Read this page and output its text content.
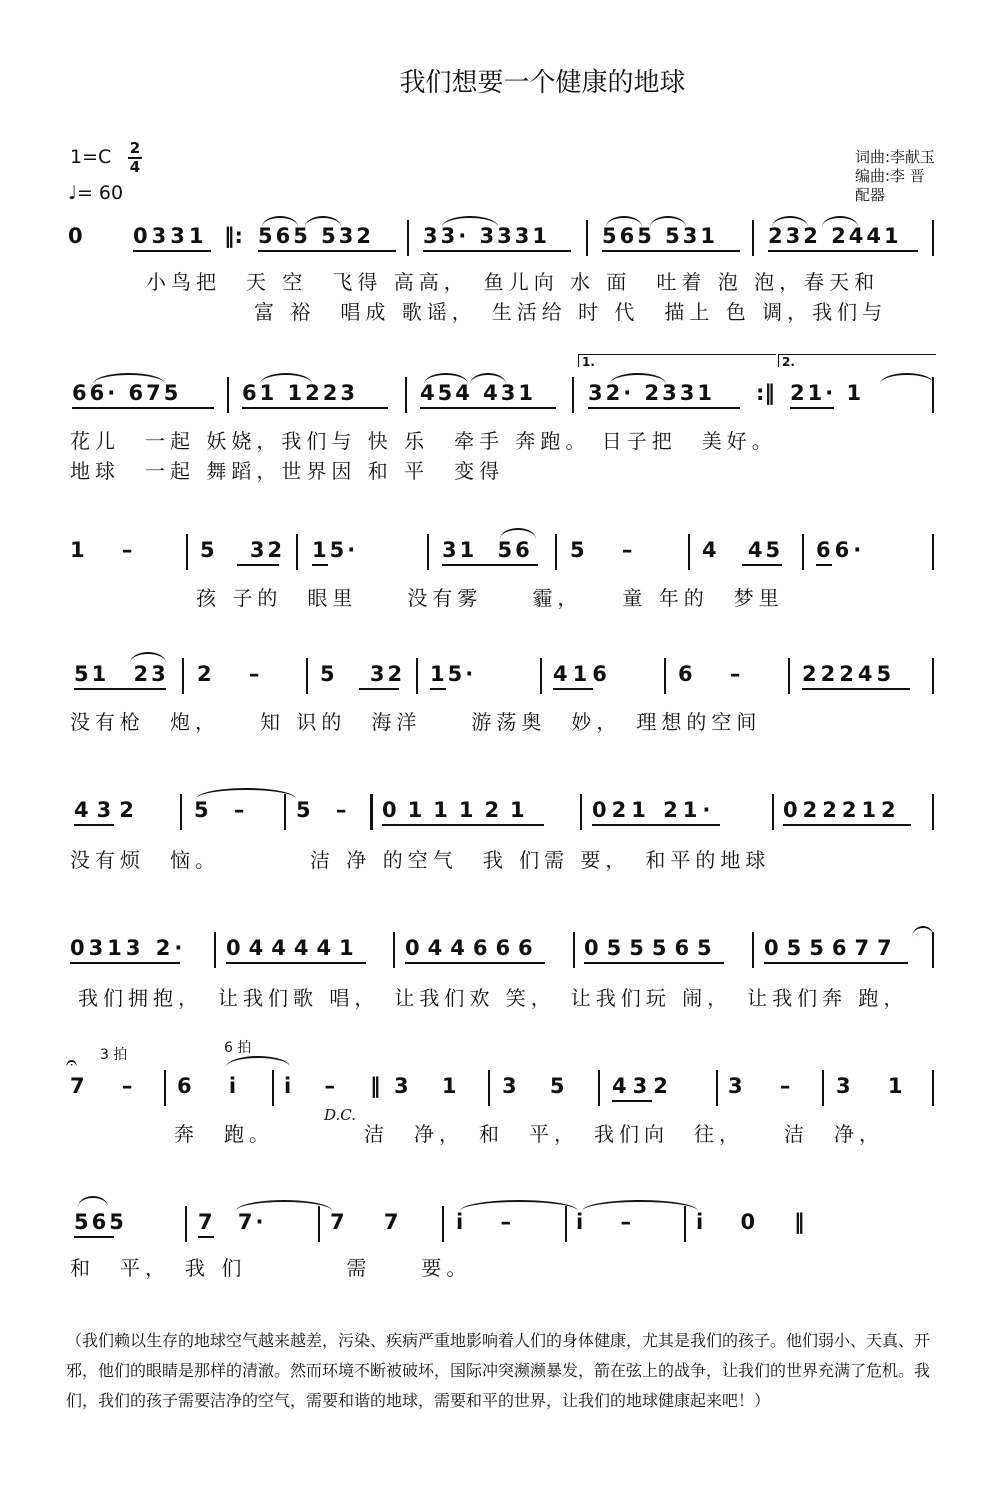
我们想要一个健康的地球
$1=C \frac{2}{4}$
♩= 60
词曲:李献玉
编曲:李 晋
配器
0 0331 ‖: 565 532 33· 3331 565 531 232 2441
小鸟把　天 空　飞得 高高，　鱼儿向 水 面　吐着 泡 泡，春天和
富 裕　唱成 歌谣，　生活给 时 代　描上 色 调，我们与
1.	2.
66· 675	61 1223	454 431 32· 2331 :‖ 21· 1
花儿　一起 妖娆，我们与 快 乐　牵手 奔跑。 日子把　美好。
地球　一起 舞蹈，世界因 和 平　变得
1 –	5 32 15·	31 56 5 –	4 45 66·
孩 子的　眼里　　没有雾　　霾，　　童 年的　梦里
51 23 2 –	5 32 15·	416	6 –	22245
没有枪　炮，　　知 识的　海洋　　游荡奥　妙，　理想的空间
432 5 – 5 – 011121	021 21·	022212
没有烦　恼。　　　　洁 净 的空气　我 们需 要，　和平的地球
0313 2· 044441 044666 055565 055677
我们拥抱，　让我们歌 唱，　让我们欢 笑，　让我们玩 闹，　让我们奔 跑，
𝄐 3 拍	6 拍
7 – 6 i i – ‖ 3 1 3 5 432	3 – 3 1
D.C.
奔　跑。　　　　洁　净，　和　平，　我们向　往，　　洁　净，
565	7 7·	7 7	i –	i –	i 0 ‖
和　平，　我 们　　　　需　　要。
（我们赖以生存的地球空气越来越差，污染、疾病严重地影响着人们的身体健康，尤其是我们的孩子。他们弱小、天真、开邪，他们的眼睛是那样的清澈。然而环境不断被破坏，国际冲突濒濒暴发，箭在弦上的战争，让我们的世界充满了危机。我们，我们的孩子需要洁净的空气，需要和谐的地球，需要和平的世界，让我们的地球健康起来吧！）
